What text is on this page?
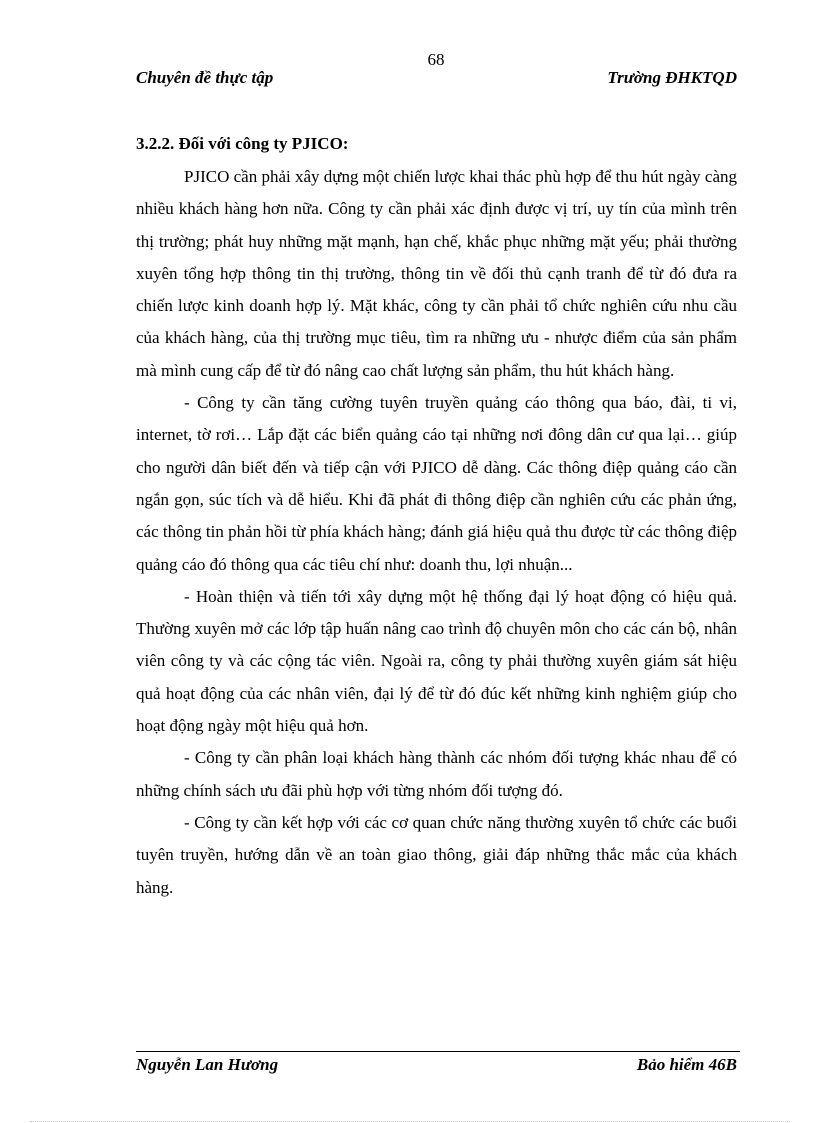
68
Chuyên đề thực tập	Trường ĐHKTQD

3.2.2. Đối với công ty PJICO:

PJICO cần phải xây dựng một chiến lược khai thác phù hợp để thu hút ngày càng nhiều khách hàng hơn nữa. Công ty cần phải xác định được vị trí, uy tín của mình trên thị trường; phát huy những mặt mạnh, hạn chế, khắc phục những mặt yếu; phải thường xuyên tổng hợp thông tin thị trường, thông tin về đối thủ cạnh tranh để từ đó đưa ra chiến lược kinh doanh hợp lý. Mặt khác, công ty cần phải tổ chức nghiên cứu nhu cầu của khách hàng, của thị trường mục tiêu, tìm ra những ưu - nhược điểm của sản phẩm mà mình cung cấp để từ đó nâng cao chất lượng sản phẩm, thu hút khách hàng.

- Công ty cần tăng cường tuyên truyền quảng cáo thông qua báo, đài, ti vi, internet, tờ rơi… Lắp đặt các biển quảng cáo tại những nơi đông dân cư qua lại… giúp cho người dân biết đến và tiếp cận với PJICO dễ dàng. Các thông điệp quảng cáo cần ngắn gọn, súc tích và dễ hiểu. Khi đã phát đi thông điệp cần nghiên cứu các phản ứng, các thông tin phản hồi từ phía khách hàng; đánh giá hiệu quả thu được từ các thông điệp quảng cáo đó thông qua các tiêu chí như: doanh thu, lợi nhuận...

- Hoàn thiện và tiến tới xây dựng một hệ thống đại lý hoạt động có hiệu quả. Thường xuyên mở các lớp tập huấn nâng cao trình độ chuyên môn cho các cán bộ, nhân viên công ty và các cộng tác viên. Ngoài ra, công ty phải thường xuyên giám sát hiệu quả hoạt động của các nhân viên, đại lý để từ đó đúc kết những kinh nghiệm giúp cho hoạt động ngày một hiệu quả hơn.

- Công ty cần phân loại khách hàng thành các nhóm đối tượng khác nhau để có những chính sách ưu đãi phù hợp với từng nhóm đối tượng đó.

- Công ty cần kết hợp với các cơ quan chức năng thường xuyên tổ chức các buổi tuyên truyền, hướng dẫn về an toàn giao thông, giải đáp những thắc mắc của khách hàng.

Nguyễn Lan Hương	Bảo hiểm 46B
